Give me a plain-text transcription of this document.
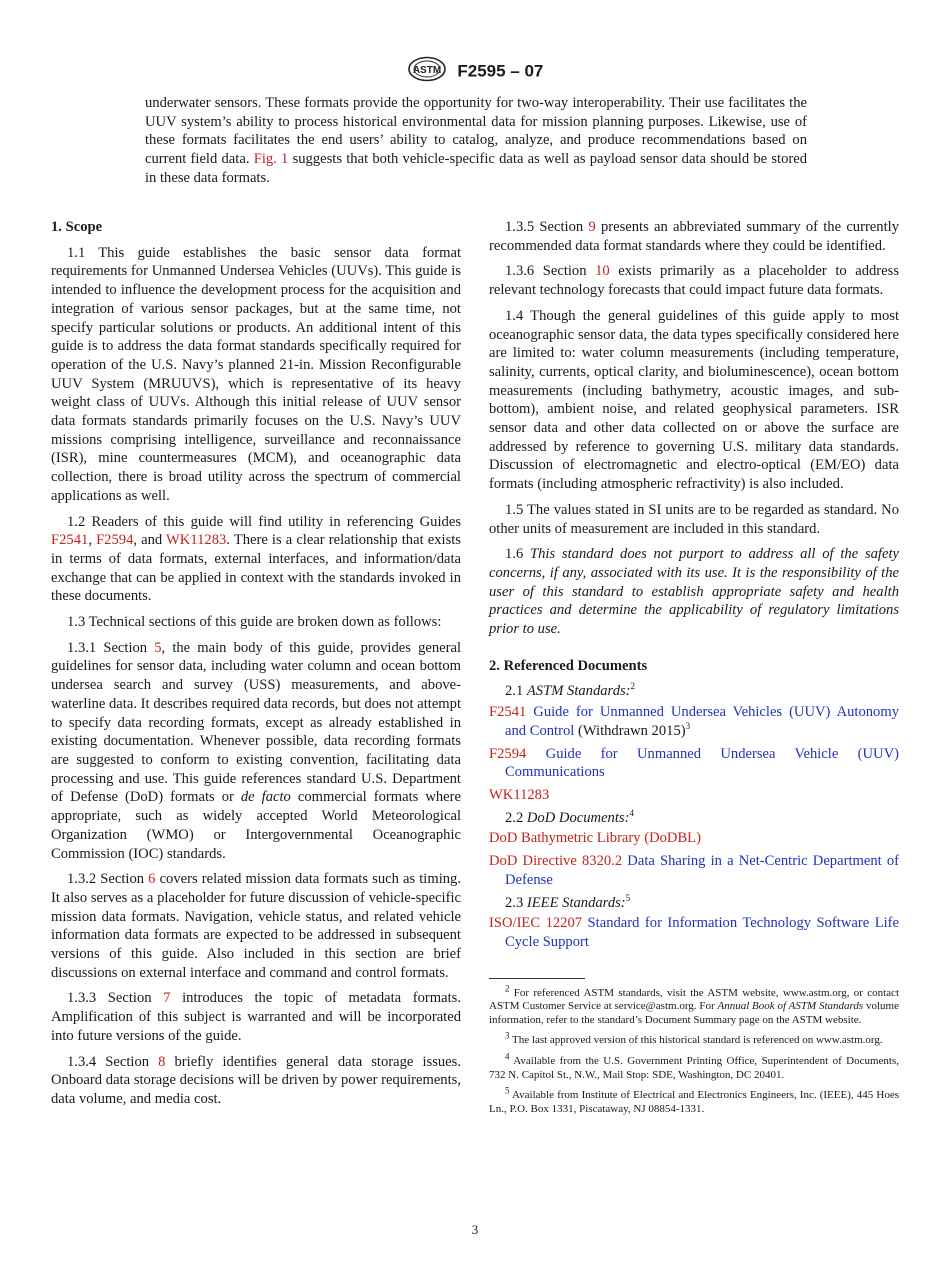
ASTM F2595 – 07

underwater sensors. These formats provide the opportunity for two-way interoperability. Their use facilitates the UUV system’s ability to process historical environmental data for mission planning purposes. Likewise, use of these formats facilitates the end users’ ability to catalog, analyze, and produce recommendations based on current field data. Fig. 1 suggests that both vehicle-specific data as well as payload sensor data should be stored in these data formats.

1. Scope

1.1 This guide establishes the basic sensor data format requirements for Unmanned Undersea Vehicles (UUVs). This guide is intended to influence the development process for the acquisition and integration of various sensor packages, but at the same time, not specify particular solutions or products. An additional intent of this guide is to address the data format standards specifically required for operation of the U.S. Navy’s planned 21-in. Mission Reconfigurable UUV System (MRUUVS), which is representative of its heavy weight class of UUVs. Although this initial release of UUV sensor data formats standards primarily focuses on the U.S. Navy’s UUV missions comprising intelligence, surveillance and reconnaissance (ISR), mine countermeasures (MCM), and oceanographic data collection, there is broad utility across the spectrum of commercial applications as well.

1.2 Readers of this guide will find utility in referencing Guides F2541, F2594, and WK11283. There is a clear relationship that exists in terms of data formats, external interfaces, and information/data exchange that can be applied in context with the standards invoked in these documents.

1.3 Technical sections of this guide are broken down as follows:

1.3.1 Section 5, the main body of this guide, provides general guidelines for sensor data, including water column and ocean bottom undersea search and survey (USS) measurements, and above-waterline data. It describes required data records, but does not attempt to specify data recording formats, except as already established in existing documentation. Whenever possible, data recording formats are suggested to conform to existing convention, facilitating data processing and use. This guide references standard U.S. Department of Defense (DoD) formats or de facto commercial formats where appropriate, such as widely accepted World Meteorological Organization (WMO) or Intergovernmental Oceanographic Commission (IOC) standards.

1.3.2 Section 6 covers related mission data formats such as timing. It also serves as a placeholder for future discussion of vehicle-specific mission data formats. Navigation, vehicle status, and related vehicle information data formats are expected to be addressed in subsequent versions of this guide. Also included in this section are brief discussions on external interface and command and control formats.

1.3.3 Section 7 introduces the topic of metadata formats. Amplification of this subject is warranted and will be incorporated into future versions of the guide.

1.3.4 Section 8 briefly identifies general data storage issues. Onboard data storage decisions will be driven by power requirements, data volume, and media cost.

1.3.5 Section 9 presents an abbreviated summary of the currently recommended data format standards where they could be identified.

1.3.6 Section 10 exists primarily as a placeholder to address relevant technology forecasts that could impact future data formats.

1.4 Though the general guidelines of this guide apply to most oceanographic sensor data, the data types specifically considered here are limited to: water column measurements (including temperature, salinity, currents, optical clarity, and bioluminescence), ocean bottom measurements (including bathymetry, acoustic images, and sub-bottom), ambient noise, and related geophysical parameters. ISR sensor data and other data collected on or above the surface are addressed by reference to governing U.S. military data standards. Discussion of electromagnetic and electro-optical (EM/EO) data formats (including atmospheric refractivity) is also included.

1.5 The values stated in SI units are to be regarded as standard. No other units of measurement are included in this standard.

1.6 This standard does not purport to address all of the safety concerns, if any, associated with its use. It is the responsibility of the user of this standard to establish appropriate safety and health practices and determine the applicability of regulatory limitations prior to use.

2. Referenced Documents
2.1 ASTM Standards:$^2$
F2541 Guide for Unmanned Undersea Vehicles (UUV) Autonomy and Control (Withdrawn 2015)$^3$
F2594 Guide for Unmanned Undersea Vehicle (UUV) Communications
WK11283
2.2 DoD Documents:$^4$
DoD Bathymetric Library (DoDBL)
DoD Directive 8320.2 Data Sharing in a Net-Centric Department of Defense
2.3 IEEE Standards:$^5$
ISO/IEC 12207 Standard for Information Technology Software Life Cycle Support

$^2$ For referenced ASTM standards, visit the ASTM website, www.astm.org, or contact ASTM Customer Service at service@astm.org. For Annual Book of ASTM Standards volume information, refer to the standard’s Document Summary page on the ASTM website.

$^3$ The last approved version of this historical standard is referenced on www.astm.org.

$^4$ Available from the U.S. Government Printing Office, Superintendent of Documents, 732 N. Capitol St., N.W., Mail Stop: SDE, Washington, DC 20401.

$^5$ Available from Institute of Electrical and Electronics Engineers, Inc. (IEEE), 445 Hoes Ln., P.O. Box 1331, Piscataway, NJ 08854-1331.

3
